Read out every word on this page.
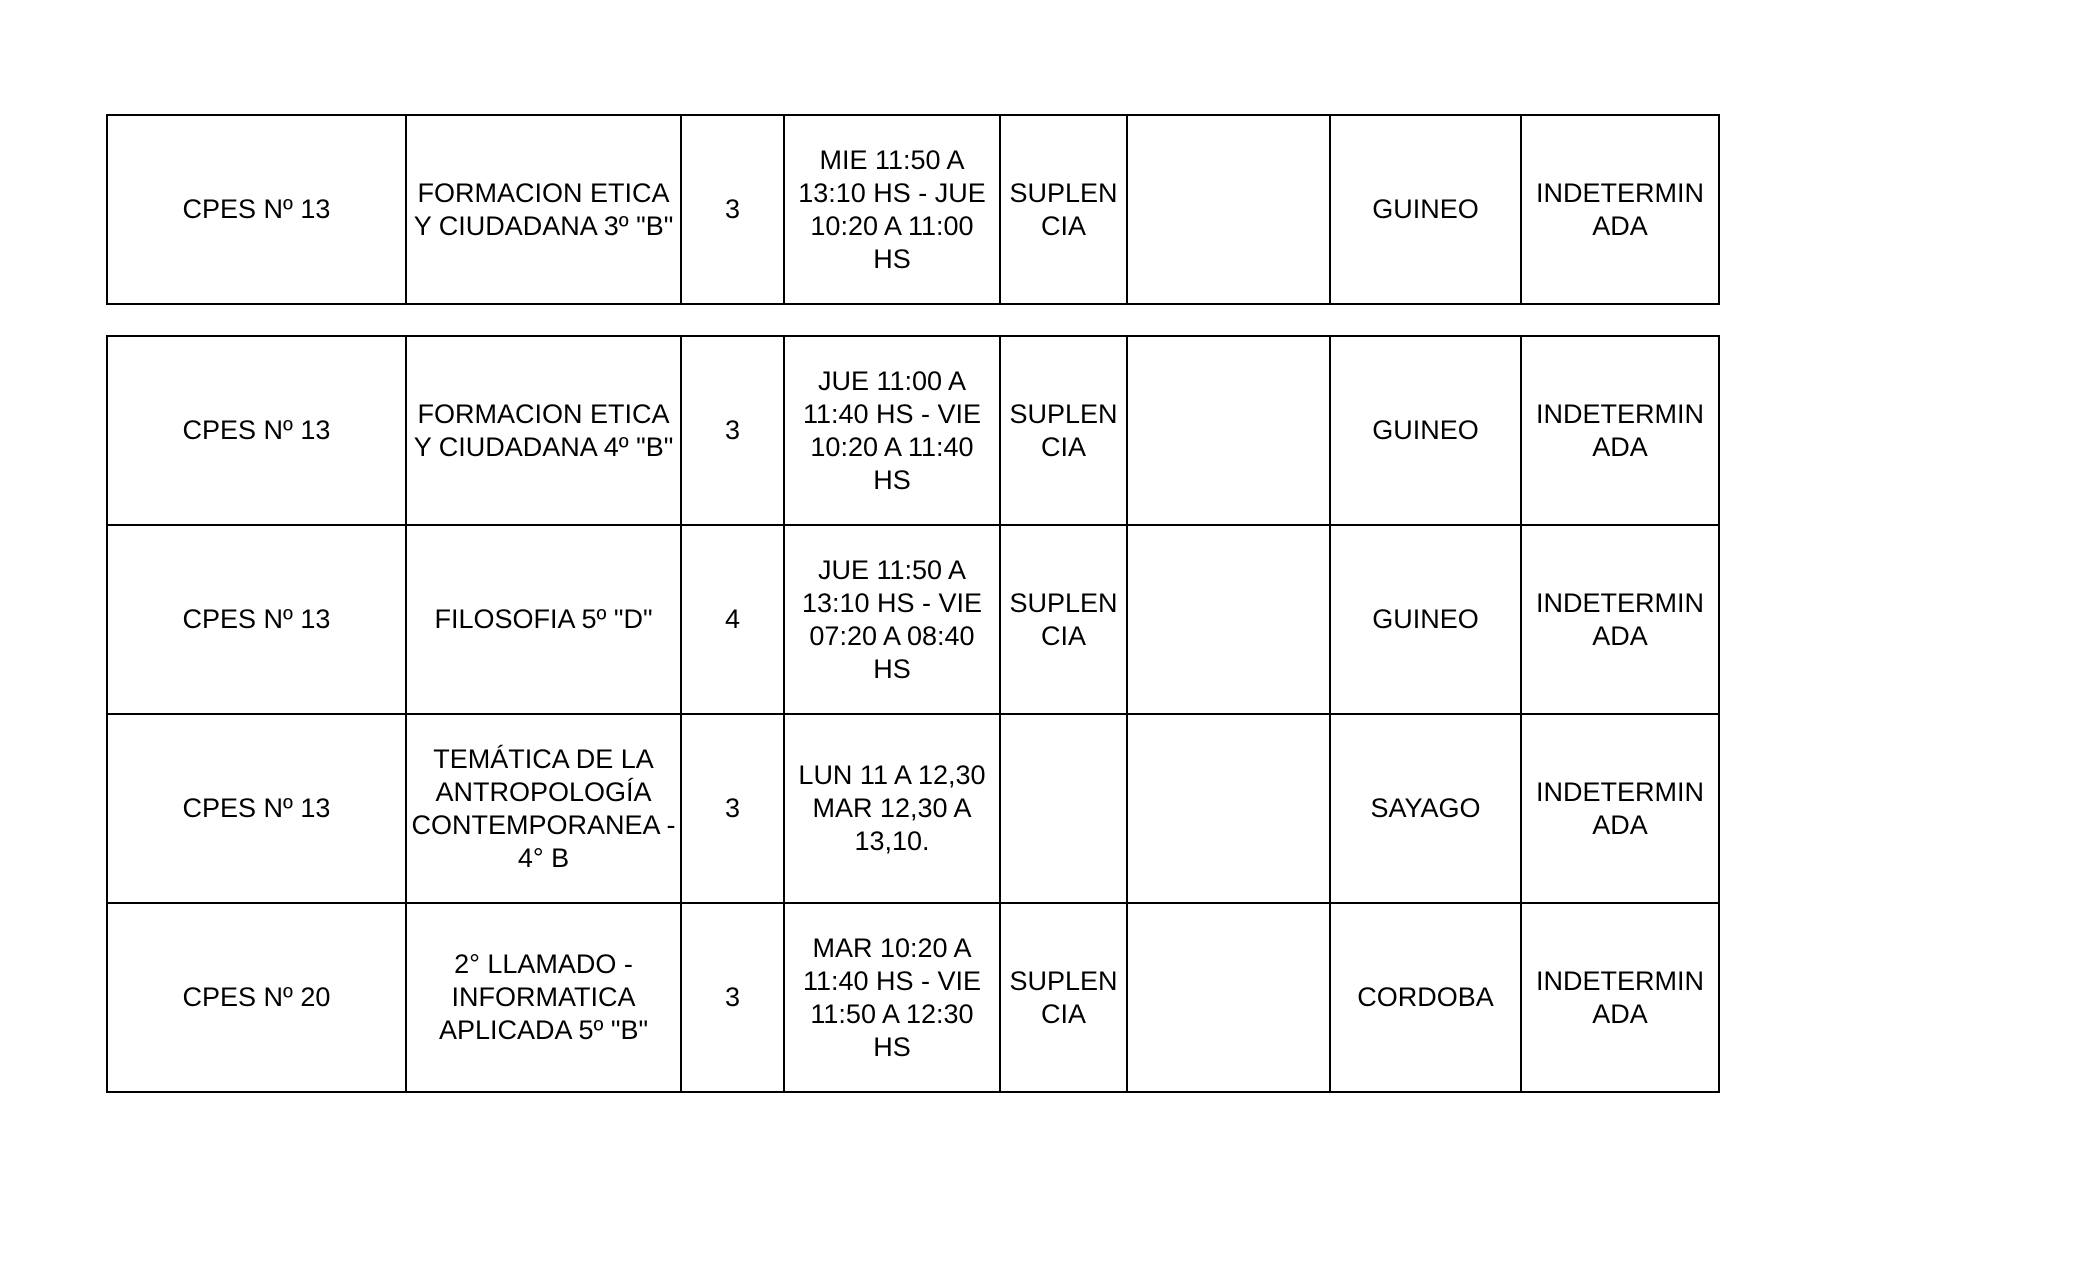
CPES Nº 13	FORMACION ETICA
Y CIUDADANA 3º "B"	3	MIE 11:50 A
13:10 HS - JUE
10:20 A 11:00
HS	SUPLEN
CIA		GUINEO	INDETERMIN
ADA
CPES Nº 13	FORMACION ETICA
Y CIUDADANA 4º "B"	3	JUE 11:00 A
11:40 HS - VIE
10:20 A 11:40
HS	SUPLEN
CIA		GUINEO	INDETERMIN
ADA
CPES Nº 13	FILOSOFIA 5º "D"	4	JUE 11:50 A
13:10 HS - VIE
07:20 A 08:40
HS	SUPLEN
CIA		GUINEO	INDETERMIN
ADA
CPES Nº 13	TEMÁTICA DE LA
ANTROPOLOGÍA
CONTEMPORANEA -
4° B	3	LUN 11 A 12,30
MAR 12,30 A
13,10.			SAYAGO	INDETERMIN
ADA
CPES Nº 20	2° LLAMADO -
INFORMATICA
APLICADA 5º "B"	3	MAR 10:20 A
11:40 HS - VIE
11:50 A 12:30
HS	SUPLEN
CIA		CORDOBA	INDETERMIN
ADA
